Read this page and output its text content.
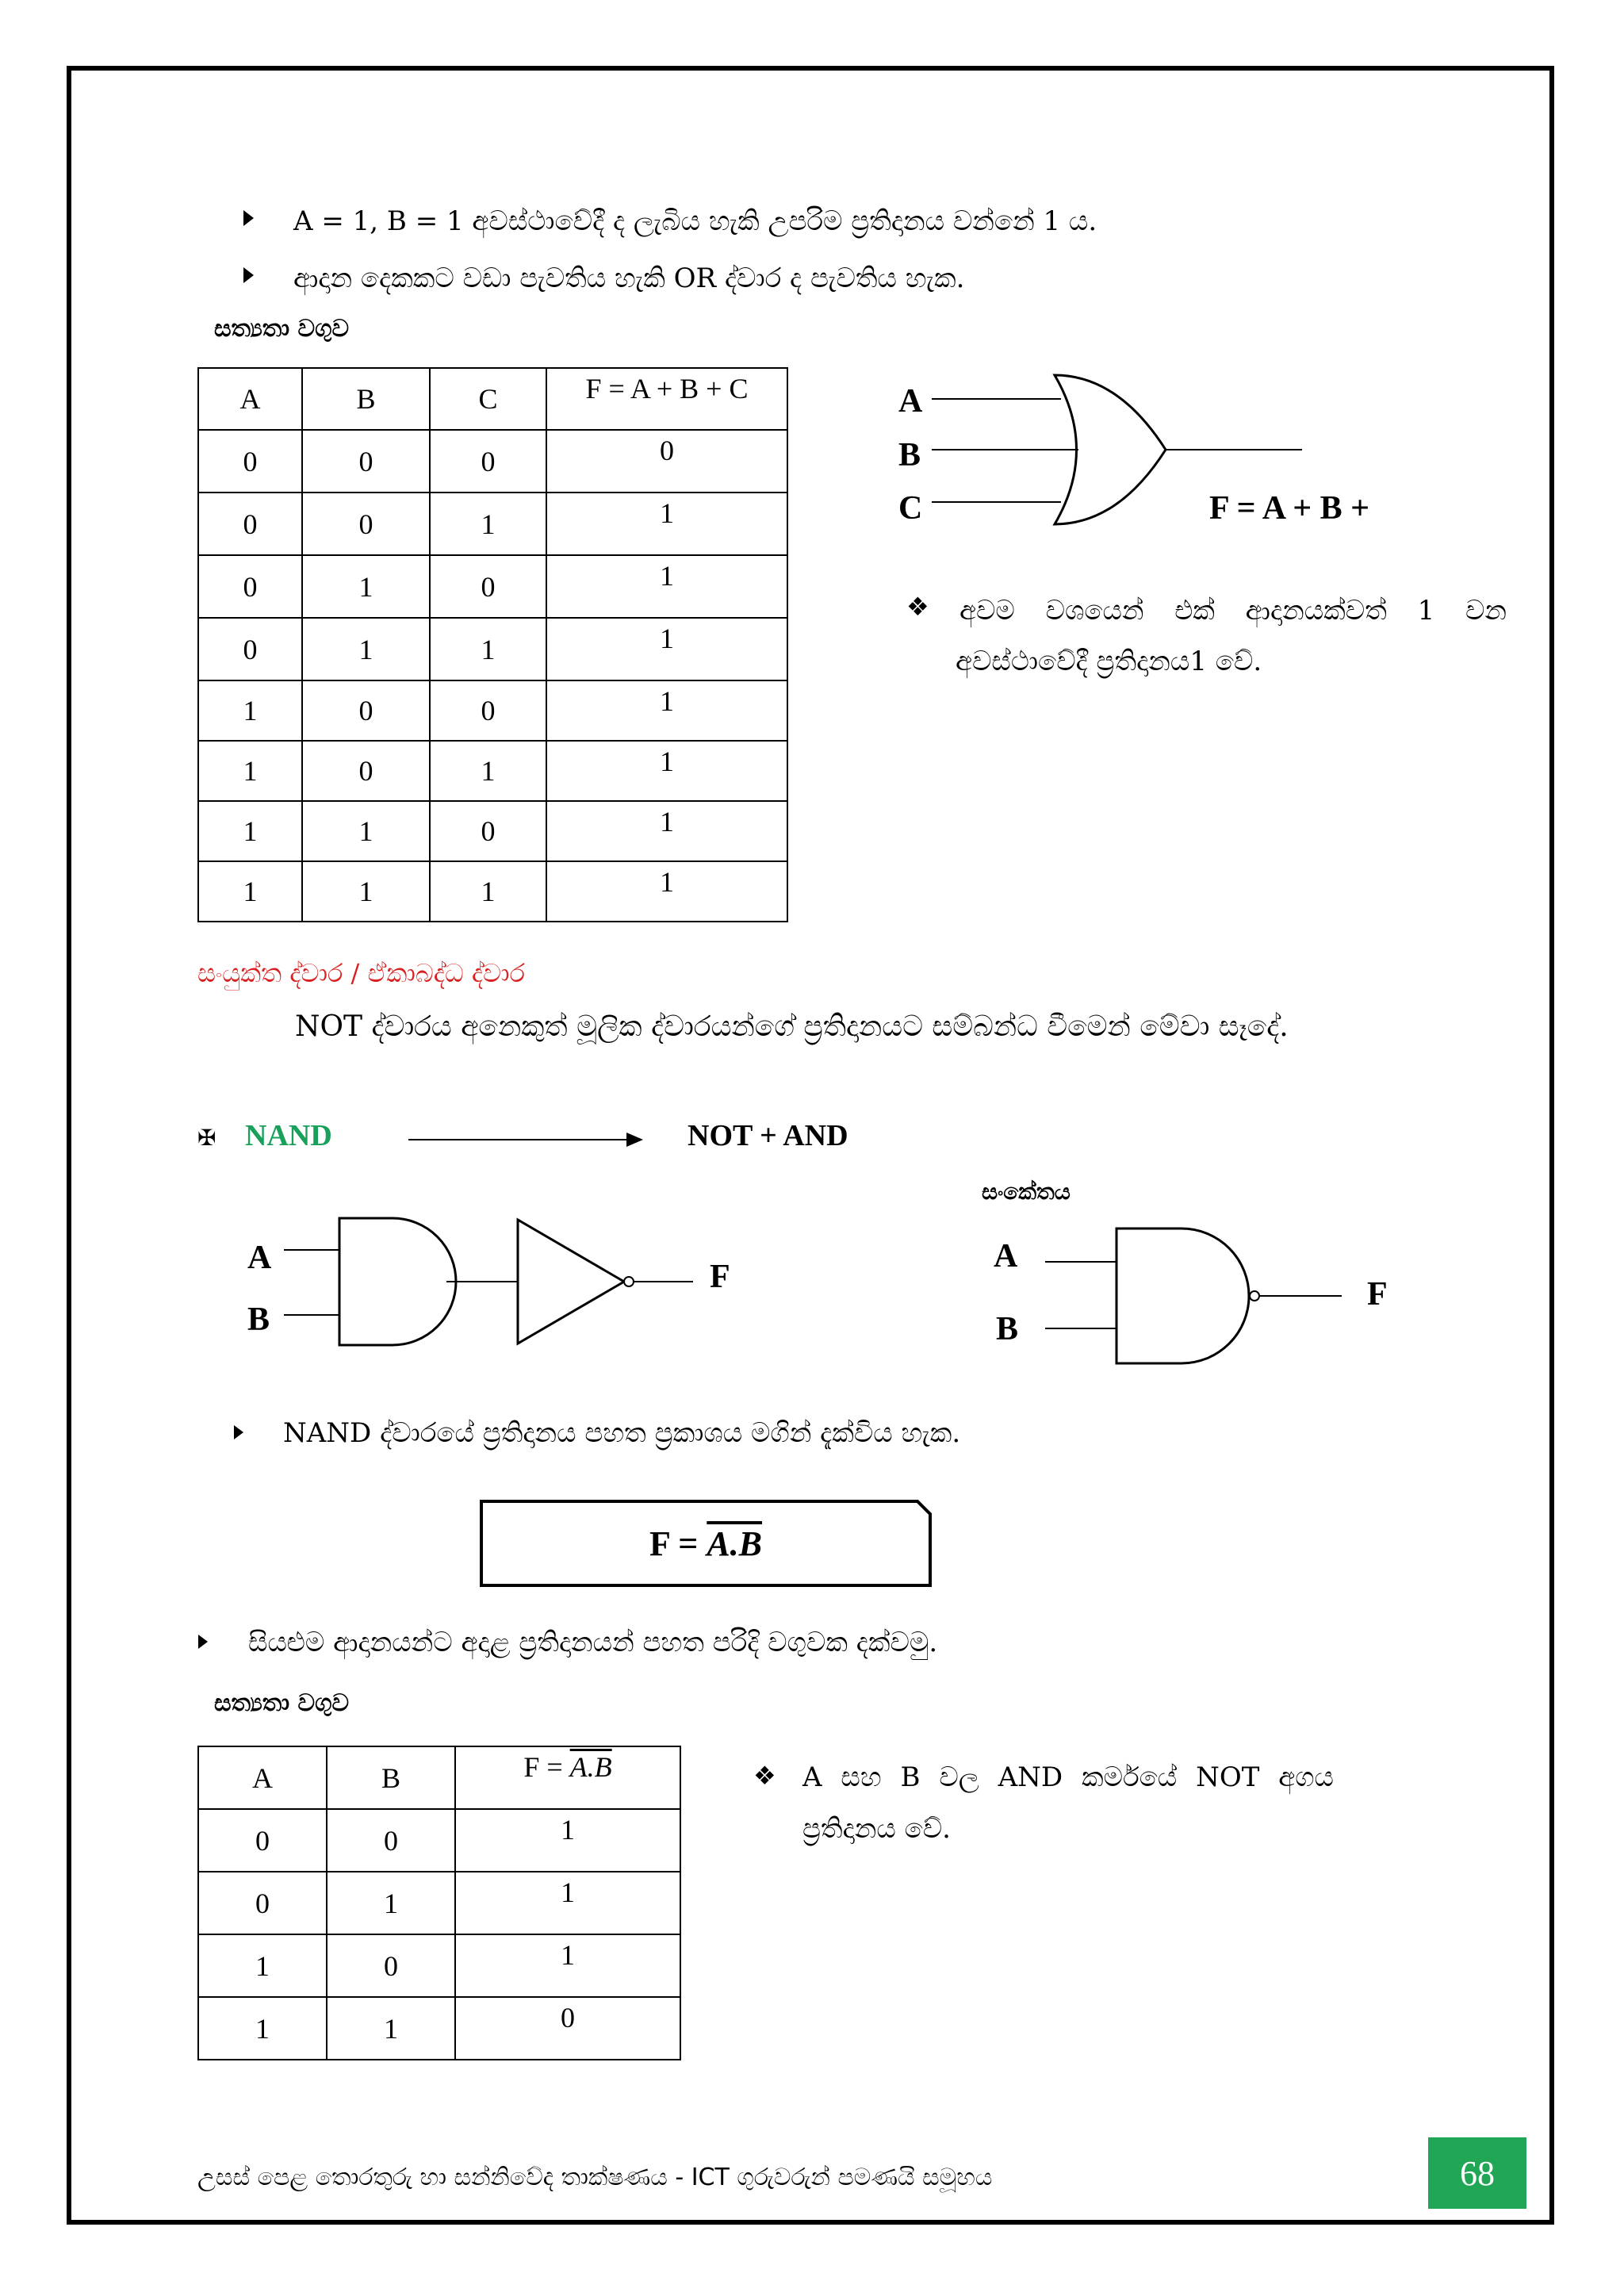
A = 1, B = 1 අවස්ථාවේදී ද ලැබිය හැකි උපරිම ප්‍රතිදානය වන්නේ 1 ය.
ආදාන දෙකකට වඩා පැවතිය හැකි OR ද්වාර ද පැවතිය හැක.
සත්‍යතා වගුව
A	B	C	F = A + B + C
0	0	0	0
0	0	1	1
0	1	0	1
0	1	1	1
1	0	0	1
1	0	1	1
1	1	0	1
1	1	1	1
A
B
C	F = A + B +
❖ අවම වශයෙන් එක් ආදානයක්වත් 1 වන
අවස්ථාවේදී ප්‍රතිදානය1 වේ.
සංයුක්ත ද්වාර / ඒකාබද්ධ ද්වාර
NOT ද්වාරය අනෙකුත් මූලික ද්වාරයන්ගේ ප්‍රතිදානයට සම්බන්ධ වීමෙන් මේවා සෑදේ.
✠ NAND	NOT + AND
සංකේතය
A
B
F
A
B
F
NAND ද්වාරයේ ප්‍රතිදානය පහත ප්‍රකාශය මගින් දැක්විය හැක.
F = A.B
සියළුම ආදානයන්ට අදාළ ප්‍රතිදානයන් පහත පරිදි වගුවක දක්වමු.
සත්‍යතා වගුව
A	B	F = A.B
0	0	1
0	1	1
1	0	1
1	1	0
❖ A සහ B වල AND කර්මයේ NOT අගය
ප්‍රතිදානය වේ.
උසස් පෙළ තොරතුරු හා සන්නිවේද තාක්ෂණය - ICT ගුරුවරුන් පමණයි සමූහය	68
